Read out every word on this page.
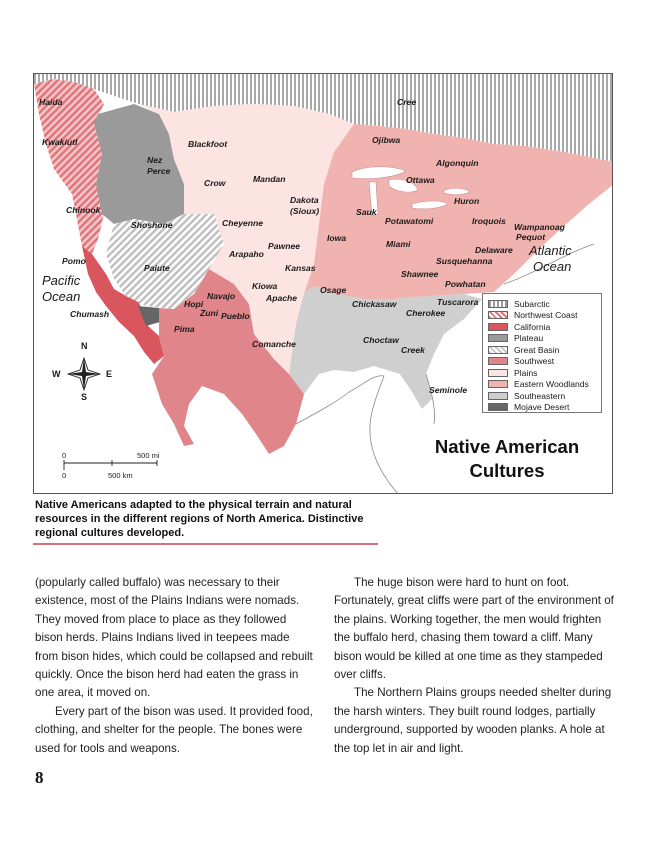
N
S
E
W
0	500 mi
0	500 km
Pacific
Ocean
Atlantic
Ocean
Haida	Cree
Kwakiutl	Ojibwa
Blackfoot
Nez
Perce
Algonquin
Mandan
Crow	Ottawa
Dakota
(Sioux)
Huron
Chinook	Sauk
Potawatomi	Iroquois
Shoshone	Cheyenne	Wampanoag
Pequot
Iowa
Miami
Pawnee
Arapaho	Delaware
Pomo	Susquehanna
Paiute	Kansas
Shawnee
Kiowa	Powhatan
Osage
Apache
Navajo
Hopi	Chickasaw	Tuscarora
Zuni Pueblo
Chumash	Cherokee
Pima
Choctaw
Comanche
Creek
Seminole
Subarctic
Northwest Coast
California
Plateau
Great Basin
Southwest
Plains
Eastern Woodlands
Southeastern
Mojave Desert
Native American
Cultures
Native Americans adapted to the physical terrain and natural resources in the different regions of North America. Distinctive regional cultures developed.

(popularly called buffalo) was necessary to their existence, most of the Plains Indians were nomads. They moved from place to place as they followed bison herds. Plains Indians lived in teepees made from bison hides, which could be collapsed and rebuilt quickly. Once the bison herd had eaten the grass in one area, it moved on.

Every part of the bison was used. It provided food, clothing, and shelter for the people. The bones were used for tools and weapons.

The huge bison were hard to hunt on foot. Fortunately, great cliffs were part of the environment of the plains. Working together, the men would frighten the buffalo herd, chasing them toward a cliff. Many bison would be killed at one time as they stampeded over cliffs.

The Northern Plains groups needed shelter during the harsh winters. They built round lodges, partially underground, supported by wooden planks. A hole at the top let in air and light.

8
